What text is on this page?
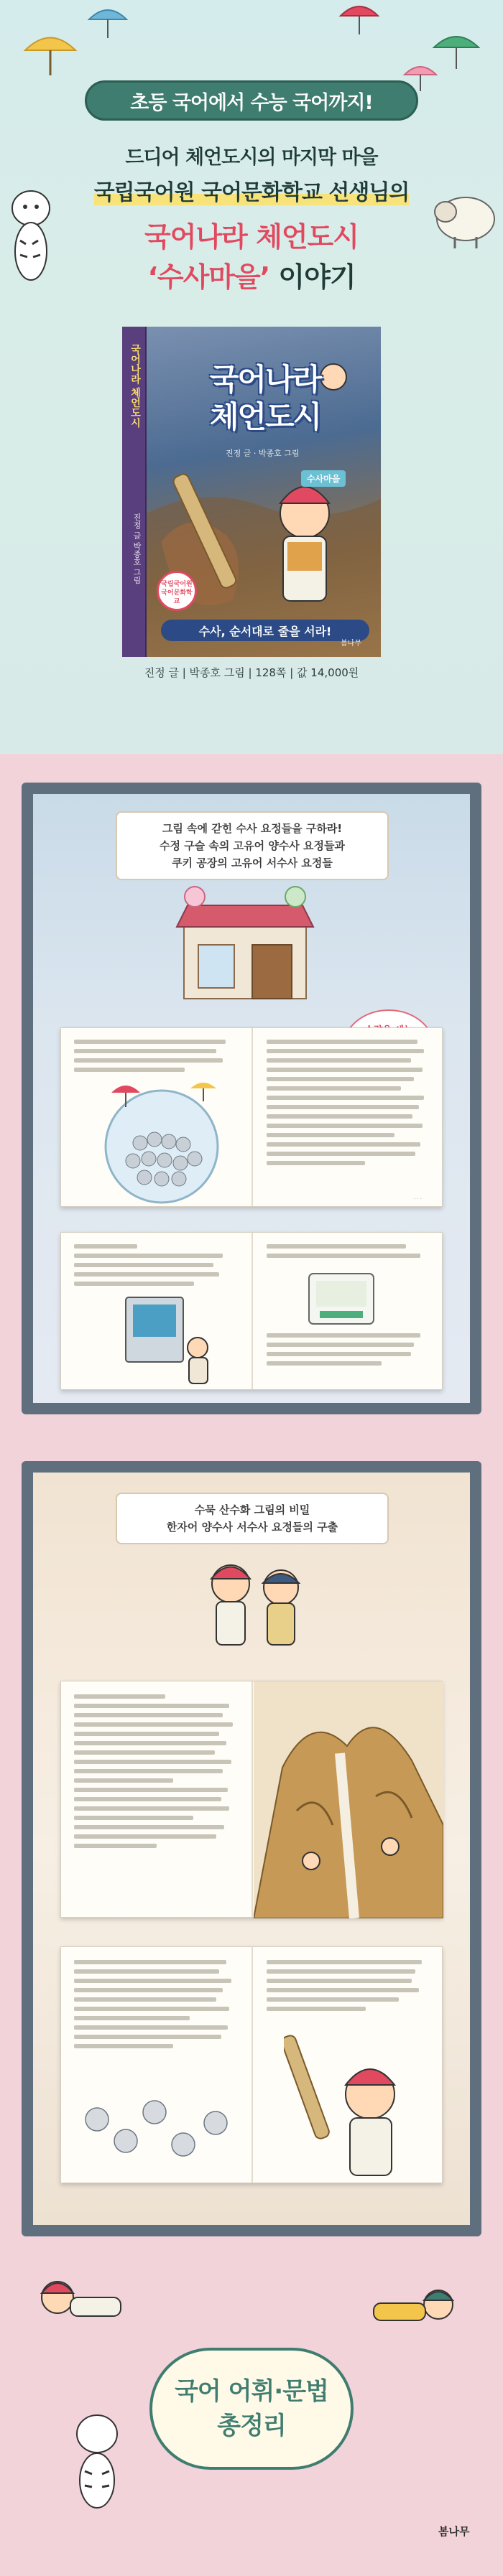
초등 국어에서 수능 국어까지!
드디어 체언도시의 마지막 마을
국립국어원 국어문화학교 선생님의
국어나라 체언도시
‘수사마을’ 이야기
국어나라 체언도시
진정 글 박종호 그림
국어나라
체언도시
진정 글 · 박종호 그림
수사마을
국립국어원 국어문화학교
수사, 순서대로 줄을 서라!
봄나무
진정 글 | 박종호 그림 | 128쪽 | 값 14,000원
그림 속에 갇힌 수사 요정들을 구하라!
수정 구슬 속의 고유어 양수사 요정들과
쿠키 공장의 고유어 서수사 요정들
· · ·
수묵 산수화 그림의 비밀
한자어 양수사 서수사 요정들의 구출
국어 어휘·문법
총정리
봄나무
